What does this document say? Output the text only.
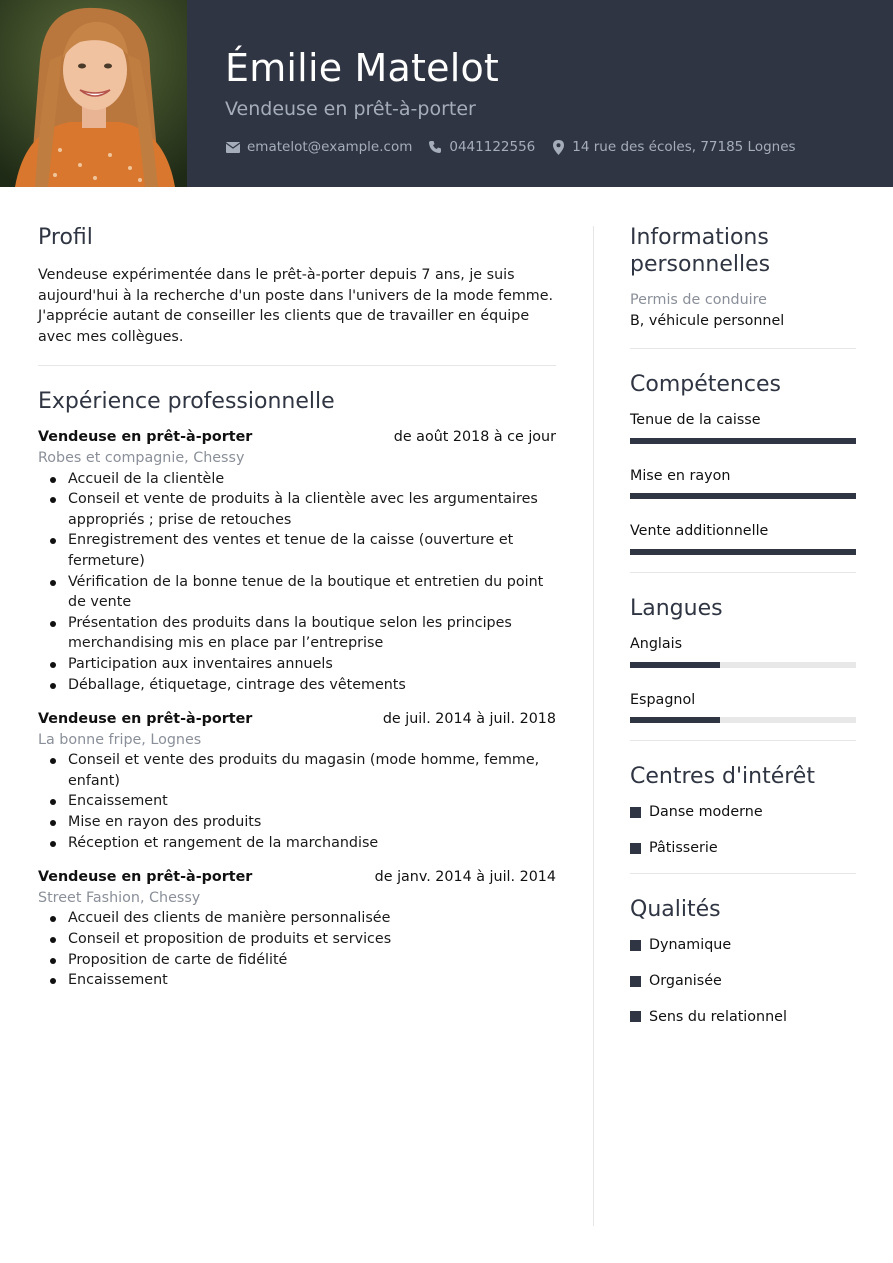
Émilie Matelot
Vendeuse en prêt-à-porter
ematelot@example.com	0441122556	14 rue des écoles, 77185 Lognes
Profil

Vendeuse expérimentée dans le prêt-à-porter depuis 7 ans, je suis aujourd'hui à la recherche d'un poste dans l'univers de la mode femme. J'apprécie autant de conseiller les clients que de travailler en équipe avec mes collègues.

Expérience professionnelle
Vendeuse en prêt-à-porter	de août 2018 à ce jour
Robes et compagnie, Chessy
Accueil de la clientèle
Conseil et vente de produits à la clientèle avec les argumentaires appropriés ; prise de retouches
Enregistrement des ventes et tenue de la caisse (ouverture et fermeture)
Vérification de la bonne tenue de la boutique et entretien du point de vente
Présentation des produits dans la boutique selon les principes merchandising mis en place par l’entreprise
Participation aux inventaires annuels
Déballage, étiquetage, cintrage des vêtements
Vendeuse en prêt-à-porter	de juil. 2014 à juil. 2018
La bonne fripe, Lognes
Conseil et vente des produits du magasin (mode homme, femme, enfant)
Encaissement
Mise en rayon des produits
Réception et rangement de la marchandise
Vendeuse en prêt-à-porter	de janv. 2014 à juil. 2014
Street Fashion, Chessy
Accueil des clients de manière personnalisée
Conseil et proposition de produits et services
Proposition de carte de fidélité
Encaissement
Informations personnelles
Permis de conduire
B, véhicule personnel
Compétences
Tenue de la caisse
Mise en rayon
Vente additionnelle
Langues
Anglais
Espagnol
Centres d'intérêt
Danse moderne
Pâtisserie
Qualités
Dynamique
Organisée
Sens du relationnel
